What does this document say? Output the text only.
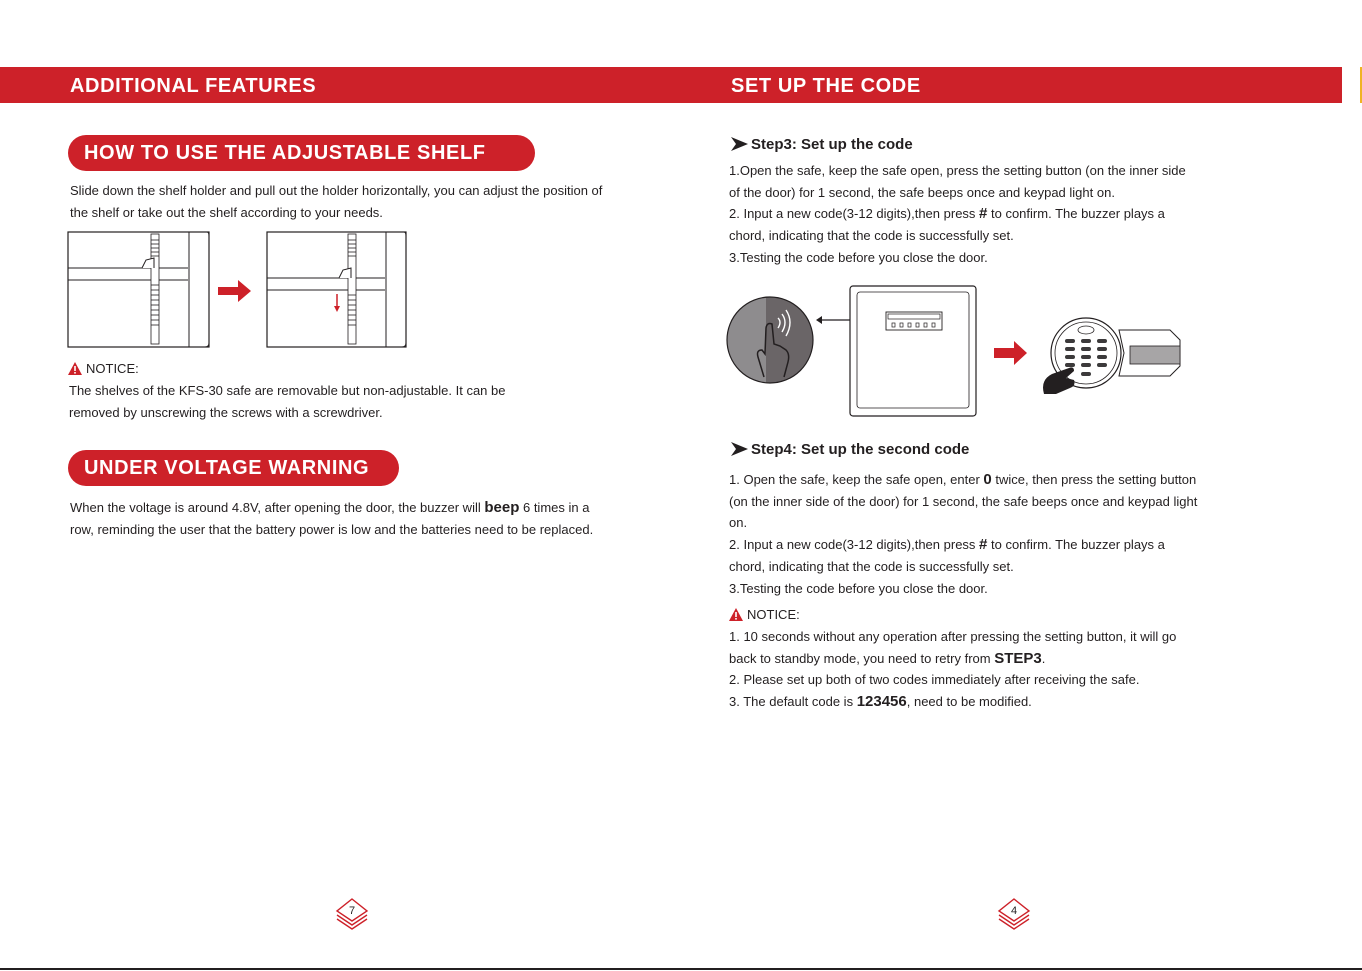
ADDITIONAL FEATURES	SET UP THE CODE
HOW TO USE THE ADJUSTABLE SHELF

Slide down the shelf holder and pull out the holder horizontally, you can adjust the position of

the shelf or take out the shelf according to your needs.

NOTICE:

The shelves of the KFS-30 safe are removable but non-adjustable. It can be

removed by unscrewing the screws with a screwdriver.

UNDER VOLTAGE WARNING

When the voltage is around 4.8V, after opening the door, the buzzer will beep 6 times in a

row, reminding the user that the battery power is low and the batteries need to be replaced.

7
Step3: Set up the code

1.Open the safe, keep the safe open, press the setting button (on the inner side

of the door) for 1 second, the safe beeps once and keypad light on.

2. Input a new code(3-12 digits),then press # to confirm. The buzzer plays a

chord, indicating that the code is successfully set.

3.Testing the code before you close the door.

Step4: Set up the second code

1. Open the safe, keep the safe open, enter 0 twice, then press the setting button

(on the inner side of the door) for 1 second, the safe beeps once and keypad light

on.

2. Input a new code(3-12 digits),then press # to confirm. The buzzer plays a

chord, indicating that the code is successfully set.

3.Testing the code before you close the door.

NOTICE:

1. 10 seconds without any operation after pressing the setting button, it will go

back to standby mode, you need to retry from STEP3.

2. Please set up both of two codes immediately after receiving the safe.

3. The default code is 123456, need to be modified.

4
